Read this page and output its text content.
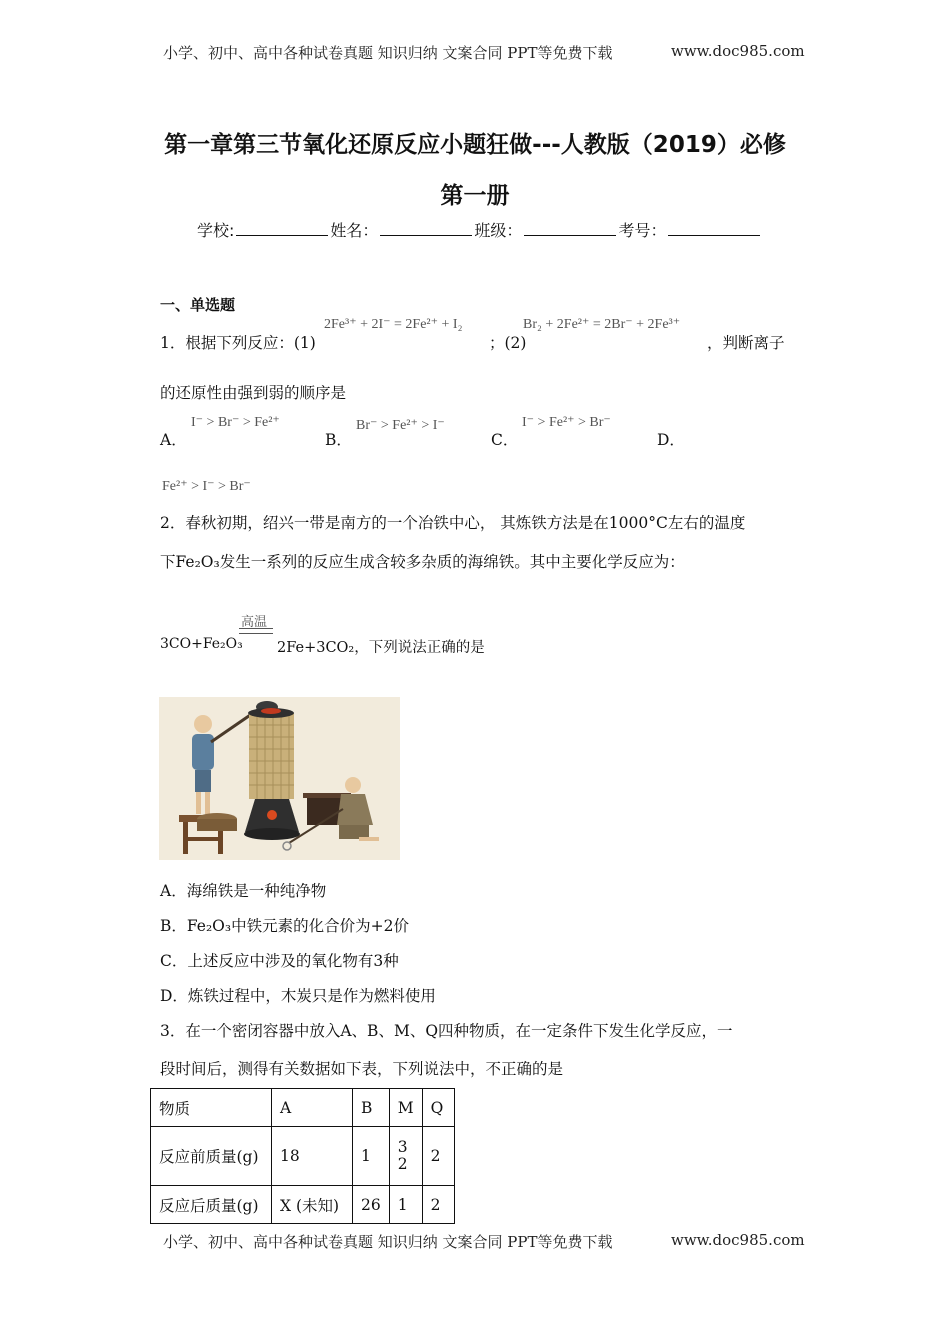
小学、初中、高中各种试卷真题 知识归纳 文案合同 PPT等免费下载	www.doc985.com
第一章第三节氧化还原反应小题狂做---人教版（2019）必修
第一册
学校:	姓名：	班级：	考号：
一、单选题
1．根据下列反应：(1)
2Fe³⁺ + 2I⁻ = 2Fe²⁺ + I₂
；(2)
Br₂ + 2Fe²⁺ = 2Br⁻ + 2Fe³⁺
，判断离子
的还原性由强到弱的顺序是
A．
I⁻ > Br⁻ > Fe²⁺
B．
Br⁻ > Fe²⁺ > I⁻
C．
I⁻ > Fe²⁺ > Br⁻
D．
Fe²⁺ > I⁻ > Br⁻
2．春秋初期，绍兴一带是南方的一个冶铁中心， 其炼铁方法是在1000°C左右的温度
下Fe₂O₃发生一系列的反应生成含较多杂质的海绵铁。其中主要化学反应为：
高温
3CO+Fe₂O₃ 2Fe+3CO₂，下列说法正确的是
A．海绵铁是一种纯净物
B．Fe₂O₃中铁元素的化合价为+2价
C．上述反应中涉及的氧化物有3种
D．炼铁过程中，木炭只是作为燃料使用
3．在一个密闭容器中放入A、B、M、Q四种物质，在一定条件下发生化学反应，一
段时间后，测得有关数据如下表，下列说法中，不正确的是
物质	A	B	M	Q
反应前质量(g)	18	1	32	2
反应后质量(g)	X (未知)	26	1	2
小学、初中、高中各种试卷真题 知识归纳 文案合同 PPT等免费下载	www.doc985.com
